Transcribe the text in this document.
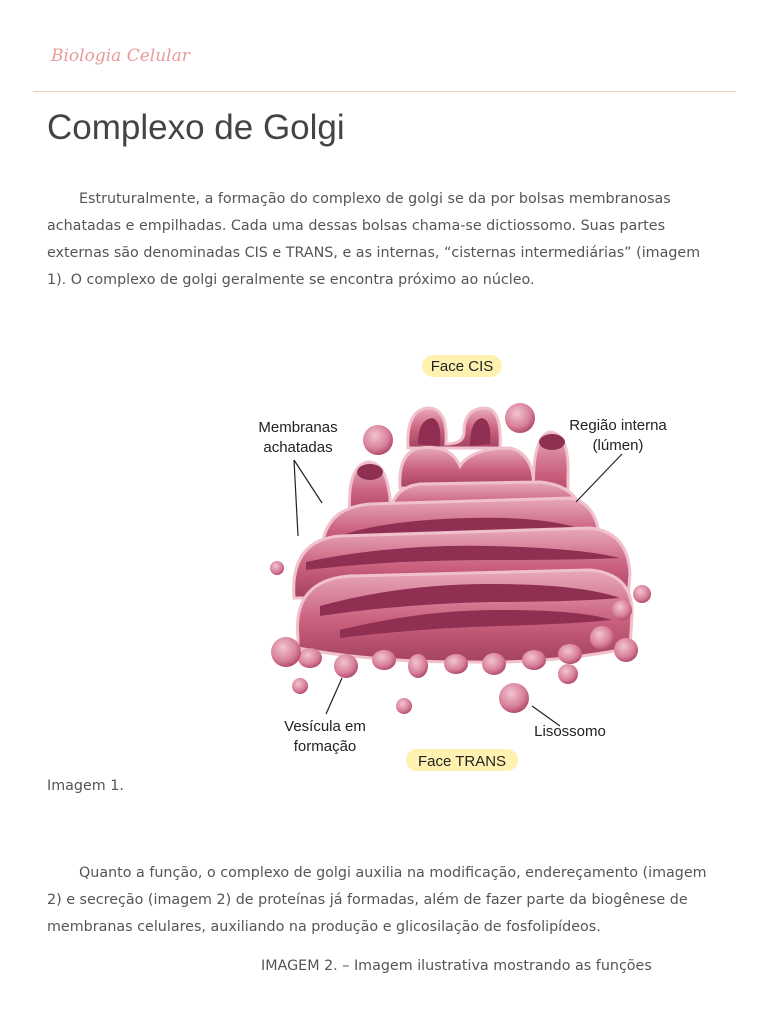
Biologia Celular
Complexo de Golgi

Estruturalmente, a formação do complexo de golgi se da por bolsas membranosas achatadas e empilhadas. Cada uma dessas bolsas chama-se dictiossomo. Suas partes externas são denominadas CIS e TRANS, e as internas, “cisternas intermediárias” (imagem 1). O complexo de golgi geralmente se encontra próximo ao núcleo.

Face CIS
Membranas
achatadas
Região interna
(lúmen)
Vesícula em
formação
Lisossomo
Face TRANS
Imagem 1.

Quanto a função, o complexo de golgi auxilia na modificação, endereçamento (imagem 2) e secreção (imagem 2) de proteínas já formadas, além de fazer parte da biogênese de membranas celulares, auxiliando na produção e glicosilação de fosfolipídeos.

IMAGEM 2. – Imagem ilustrativa mostrando as funções
